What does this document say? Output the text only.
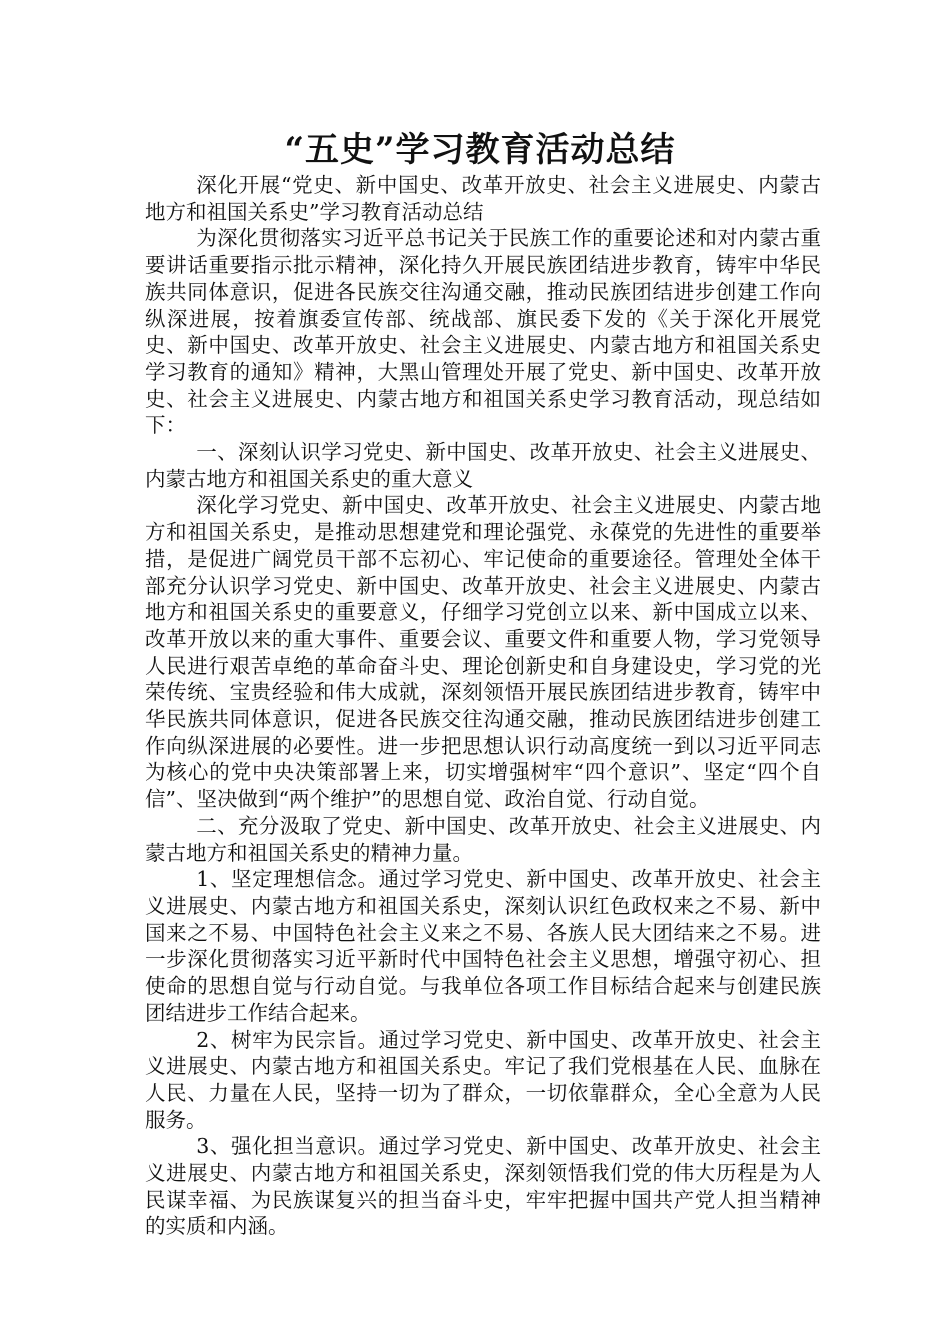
“五史”学习教育活动总结

深化开展“党史、新中国史、改革开放史、社会主义进展史、内蒙古地方和祖国关系史”学习教育活动总结

为深化贯彻落实习近平总书记关于民族工作的重要论述和对内蒙古重要讲话重要指示批示精神，深化持久开展民族团结进步教育，铸牢中华民族共同体意识，促进各民族交往沟通交融，推动民族团结进步创建工作向纵深进展，按着旗委宣传部、统战部、旗民委下发的《关于深化开展党史、新中国史、改革开放史、社会主义进展史、内蒙古地方和祖国关系史学习教育的通知》精神，大黑山管理处开展了党史、新中国史、改革开放史、社会主义进展史、内蒙古地方和祖国关系史学习教育活动，现总结如下：

一、深刻认识学习党史、新中国史、改革开放史、社会主义进展史、内蒙古地方和祖国关系史的重大意义

深化学习党史、新中国史、改革开放史、社会主义进展史、内蒙古地方和祖国关系史，是推动思想建党和理论强党、永葆党的先进性的重要举措，是促进广阔党员干部不忘初心、牢记使命的重要途径。管理处全体干部充分认识学习党史、新中国史、改革开放史、社会主义进展史、内蒙古地方和祖国关系史的重要意义，仔细学习党创立以来、新中国成立以来、改革开放以来的重大事件、重要会议、重要文件和重要人物，学习党领导人民进行艰苦卓绝的革命奋斗史、理论创新史和自身建设史，学习党的光荣传统、宝贵经验和伟大成就，深刻领悟开展民族团结进步教育，铸牢中华民族共同体意识，促进各民族交往沟通交融，推动民族团结进步创建工作向纵深进展的必要性。进一步把思想认识行动高度统一到以习近平同志为核心的党中央决策部署上来，切实增强树牢“四个意识”、坚定“四个自信”、坚决做到“两个维护”的思想自觉、政治自觉、行动自觉。

二、充分汲取了党史、新中国史、改革开放史、社会主义进展史、内蒙古地方和祖国关系史的精神力量。

1、坚定理想信念。通过学习党史、新中国史、改革开放史、社会主义进展史、内蒙古地方和祖国关系史，深刻认识红色政权来之不易、新中国来之不易、中国特色社会主义来之不易、各族人民大团结来之不易。进一步深化贯彻落实习近平新时代中国特色社会主义思想，增强守初心、担使命的思想自觉与行动自觉。与我单位各项工作目标结合起来与创建民族团结进步工作结合起来。

2、树牢为民宗旨。通过学习党史、新中国史、改革开放史、社会主义进展史、内蒙古地方和祖国关系史。牢记了我们党根基在人民、血脉在人民、力量在人民，坚持一切为了群众，一切依靠群众，全心全意为人民服务。

3、强化担当意识。通过学习党史、新中国史、改革开放史、社会主义进展史、内蒙古地方和祖国关系史，深刻领悟我们党的伟大历程是为人民谋幸福、为民族谋复兴的担当奋斗史，牢牢把握中国共产党人担当精神的实质和内涵。
